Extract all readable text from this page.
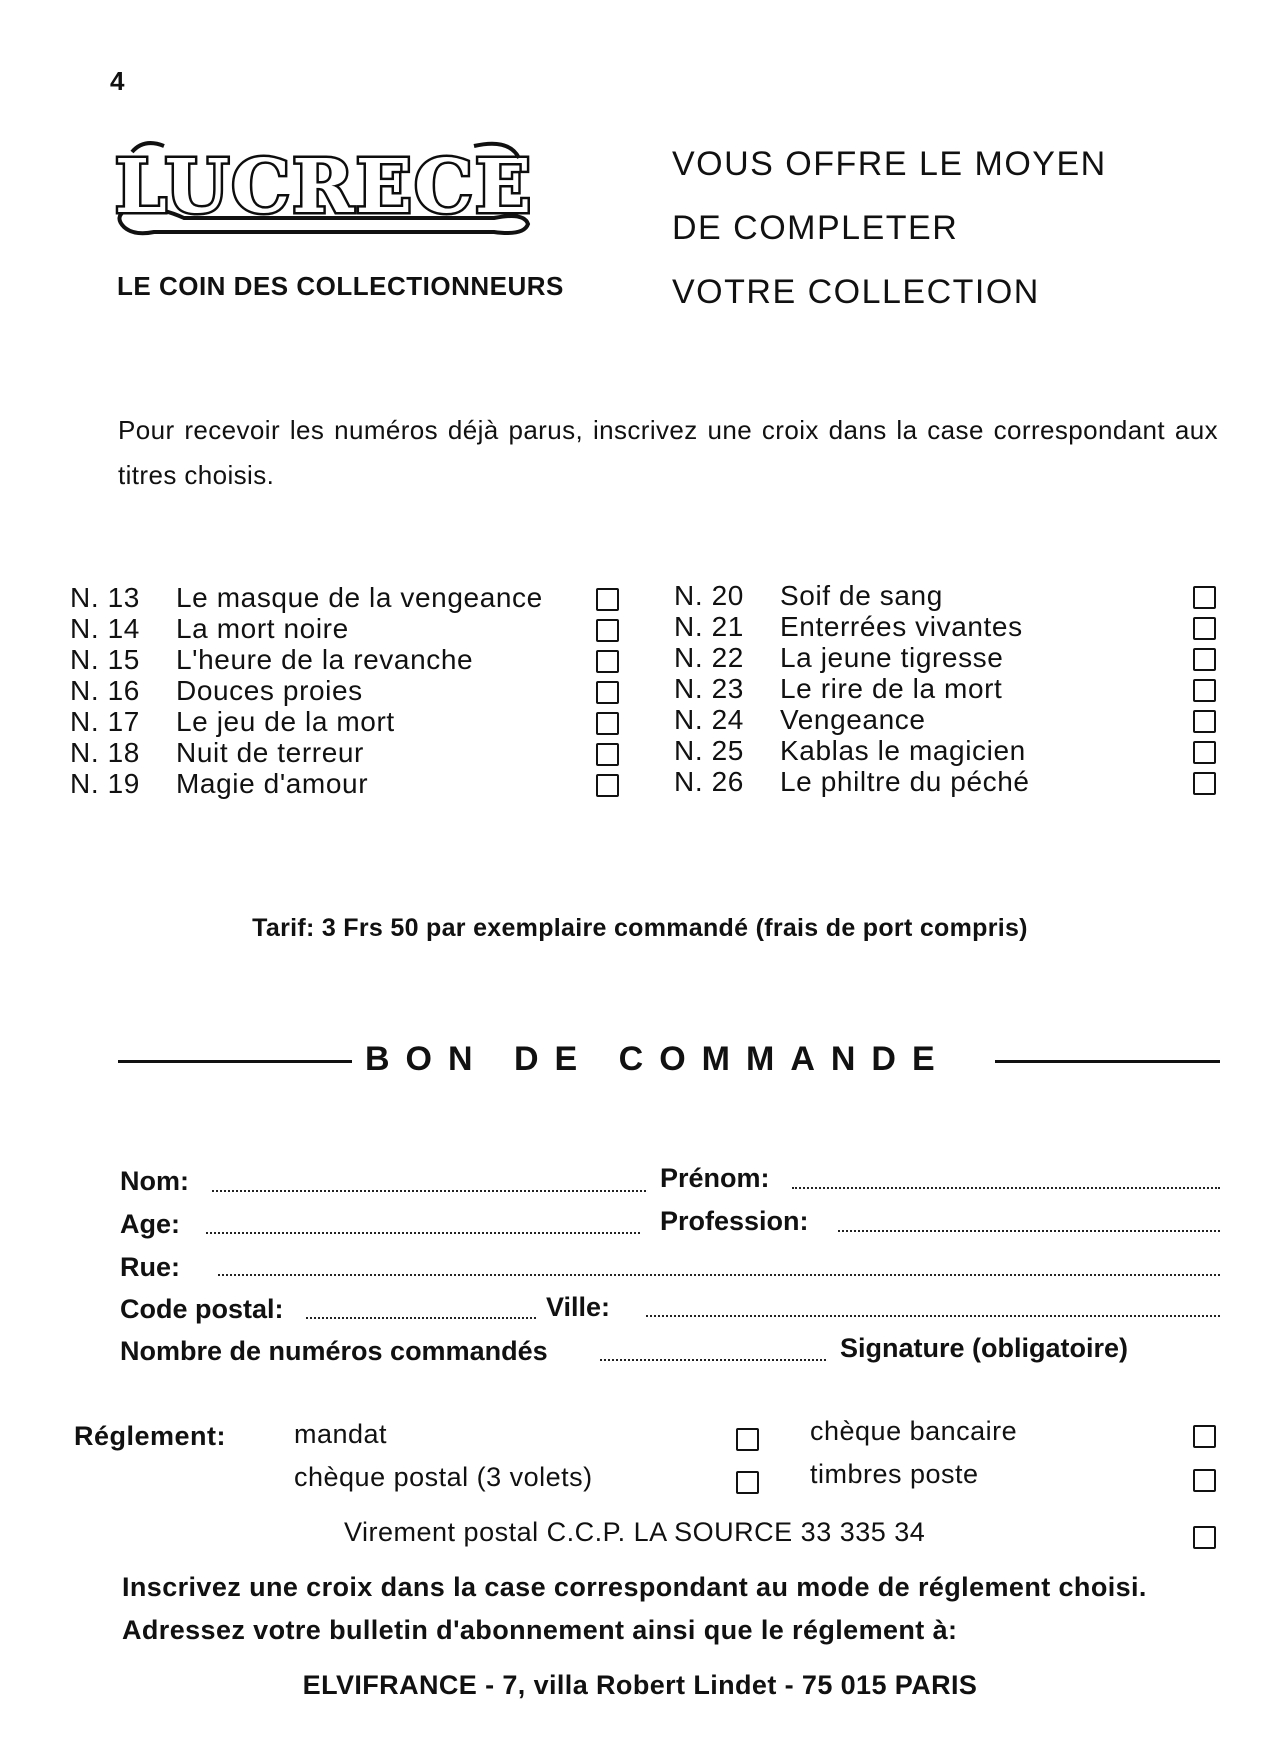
4
LUCRECE
LE COIN DES COLLECTIONNEURS
VOUS OFFRE LE MOYEN
DE COMPLETER
VOTRE COLLECTION
Pour recevoir les numéros déjà parus, inscrivez une croix dans la case correspondant aux titres choisis.
N. 13 Le masque de la vengeance
N. 14 La mort noire
N. 15 L'heure de la revanche
N. 16 Douces proies
N. 17 Le jeu de la mort
N. 18 Nuit de terreur
N. 19 Magie d'amour
N. 20 Soif de sang
N. 21 Enterrées vivantes
N. 22 La jeune tigresse
N. 23 Le rire de la mort
N. 24 Vengeance
N. 25 Kablas le magicien
N. 26 Le philtre du péché
Tarif: 3 Frs 50 par exemplaire commandé (frais de port compris)
BON DE COMMANDE
Nom:	Prénom:
Age:	Profession:
Rue:
Code postal:	Ville:
Nombre de numéros commandés	Signature (obligatoire)
Réglement:	mandat	chèque bancaire
chèque postal (3 volets)	timbres poste
Virement postal C.C.P. LA SOURCE 33 335 34
Inscrivez une croix dans la case correspondant au mode de réglement choisi.
Adressez votre bulletin d'abonnement ainsi que le réglement à:
ELVIFRANCE - 7, villa Robert Lindet - 75 015 PARIS
